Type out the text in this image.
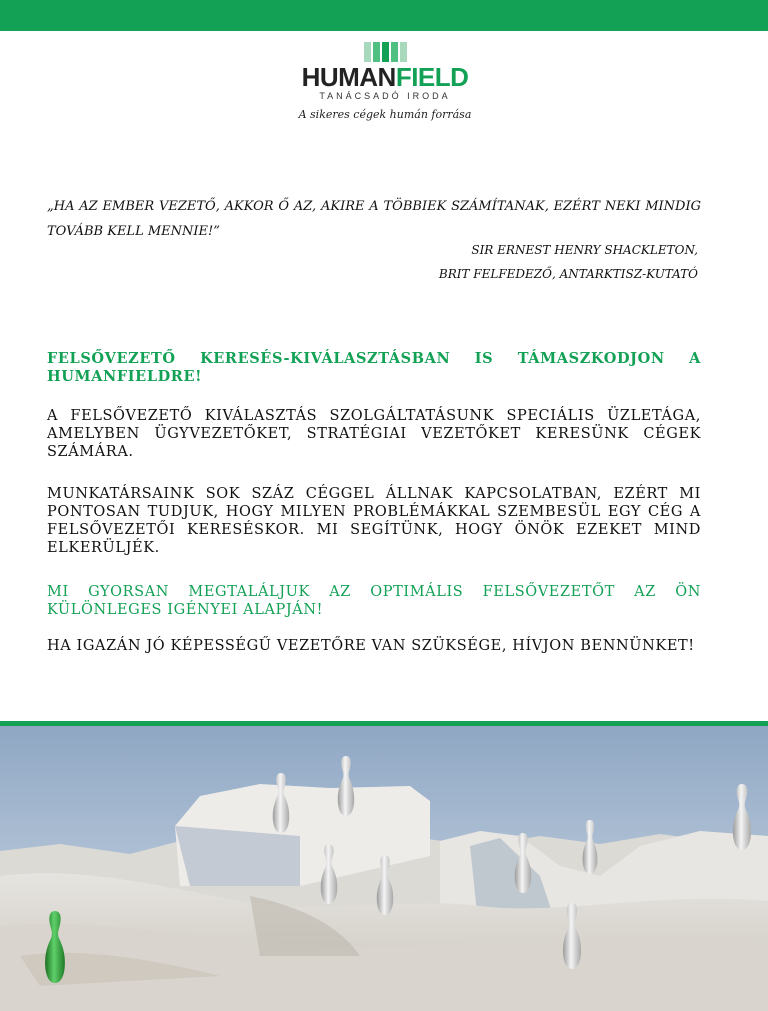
HUMANFIELD
TANÁCSADÓ IRODA
A sikeres cégek humán forrása
„HA AZ EMBER VEZETŐ, AKKOR Ő AZ, AKIRE A TÖBBIEK SZÁMÍTANAK, EZÉRT NEKI MINDIG TOVÁBB KELL MENNIE!”
SIR ERNEST HENRY SHACKLETON,
BRIT FELFEDEZŐ, ANTARKTISZ-KUTATÓ
FELSŐVEZETŐ KERESÉS-KIVÁLASZTÁSBAN IS TÁMASZKODJON A HUMANFIELDRE!
A FELSŐVEZETŐ KIVÁLASZTÁS SZOLGÁLTATÁSUNK SPECIÁLIS ÜZLETÁGA, AMELYBEN ÜGYVEZETŐKET, STRATÉGIAI VEZETŐKET KERESÜNK CÉGEK SZÁMÁRA.
MUNKATÁRSAINK SOK SZÁZ CÉGGEL ÁLLNAK KAPCSOLATBAN, EZÉRT MI PONTOSAN TUDJUK, HOGY MILYEN PROBLÉMÁKKAL SZEMBESÜL EGY CÉG A FELSŐVEZETŐI KERESÉSKOR. MI SEGÍTÜNK, HOGY ÖNÖK EZEKET MIND ELKERÜLJÉK.
MI GYORSAN MEGTALÁLJUK AZ OPTIMÁLIS FELSŐVEZETŐT AZ ÖN KÜLÖNLEGES IGÉNYEI ALAPJÁN!
HA IGAZÁN JÓ KÉPESSÉGŰ VEZETŐRE VAN SZÜKSÉGE, HÍVJON BENNÜNKET!
